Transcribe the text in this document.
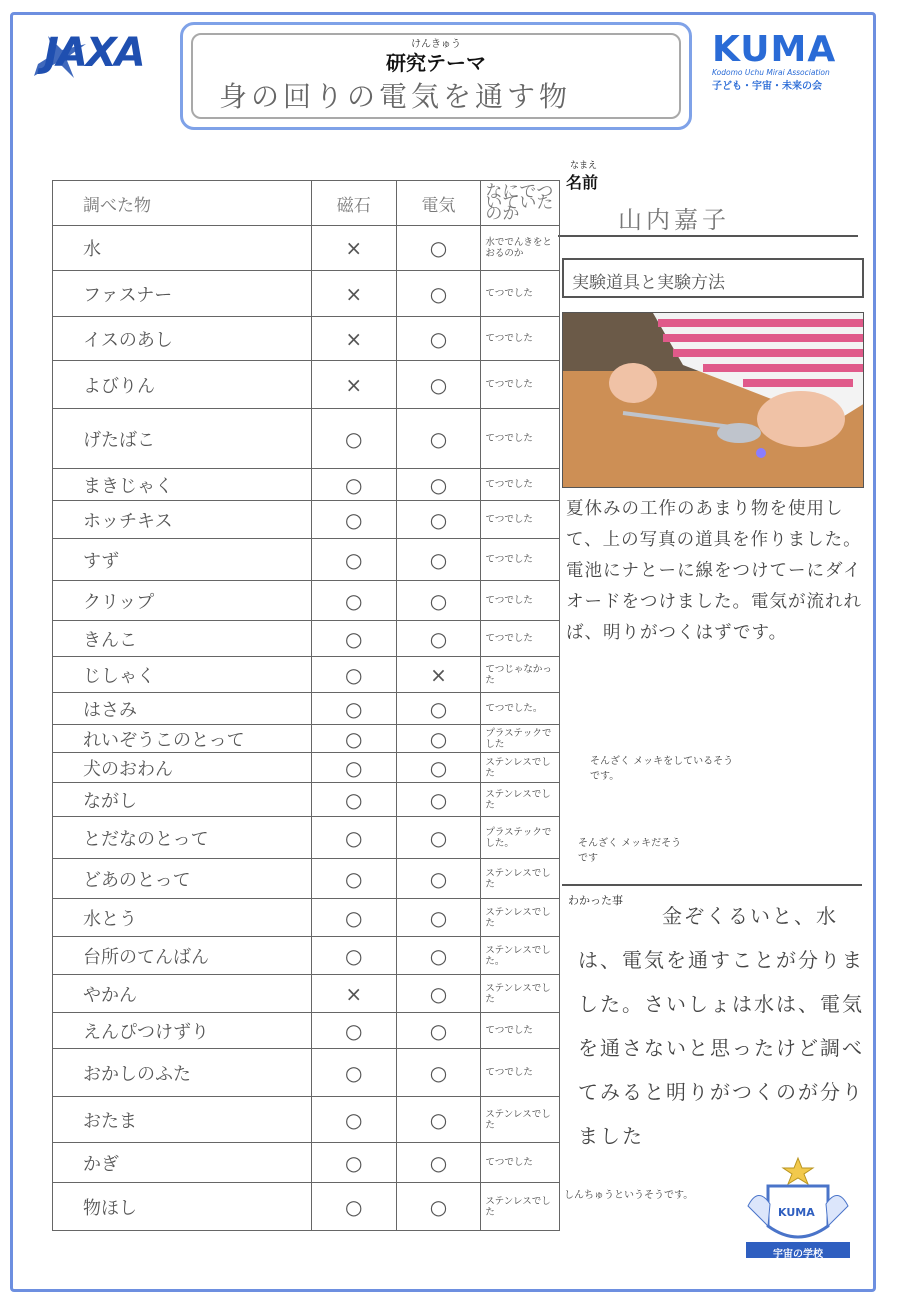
JAXA	けんきゅう
研究テーマ
身の回りの電気を通す物
KUMA
Kodomo Uchu Mirai Association
子ども・宇宙・未来の会
なまえ
名前
山内嘉子
調べた物	磁石	電気	なにでついていたのか
水	×	○	水ででんきをとおるのか
ファスナー	×	○	てつでした
イスのあし	×	○	てつでした
よびりん	×	○	てつでした
げたばこ	○	○	てつでした
まきじゃく	○	○	てつでした
ホッチキス	○	○	てつでした
すず	○	○	てつでした
クリップ	○	○	てつでした
きんこ	○	○	てつでした
じしゃく	○	×	てつじゃなかった
はさみ	○	○	てつでした。
れいぞうこのとって	○	○	プラステックでした
犬のおわん	○	○	ステンレスでした
ながし	○	○	ステンレスでした
とだなのとって	○	○	プラステックでした。
どあのとって	○	○	ステンレスでした
水とう	○	○	ステンレスでした
台所のてんばん	○	○	ステンレスでした。
やかん	×	○	ステンレスでした
えんぴつけずり	○	○	てつでした
おかしのふた	○	○	てつでした
おたま	○	○	ステンレスでした
かぎ	○	○	てつでした
物ほし	○	○	ステンレスでした
実験道具と実験方法
夏休みの工作のあまり物を使用して、上の写真の道具を作りました。電池にナとーに線をつけてーにダイオードをつけました。電気が流れれば、明りがつくはずです。
そんざく メッキをしているそうです。
そんざく メッキだそうです
しんちゅうというそうです。
わかった事
金ぞくるいと、水は、電気を通すことが分りました。さいしょは水は、電気を通さないと思ったけど調べてみると明りがつくのが分りました
KUMA
宇宙の学校
